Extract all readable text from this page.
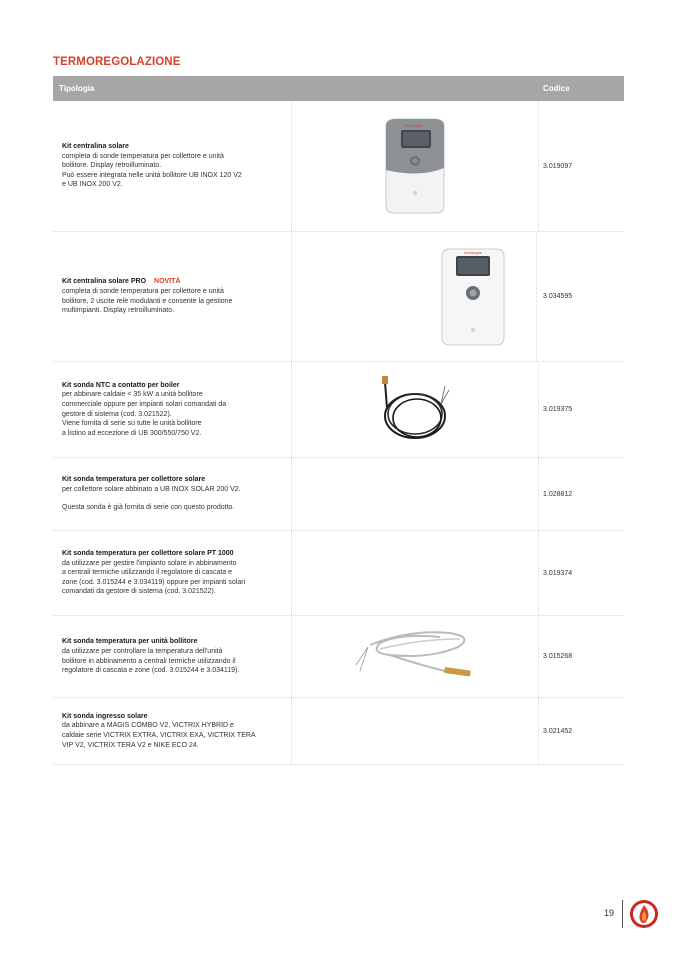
TERMOREGOLAZIONE
Tipologia	Codice
Kit centralina solare
completa di sonde temperatura per collettore e unità
bollitore. Display retroilluminato.
Può essere integrata nelle unità bollitore UB INOX 120 V2
e UB INOX 200 V2.
immergas
3.019097
Kit centralina solare PRO NOVITÀ
completa di sonde temperatura per collettore e unità
bollitore, 2 uscite relè modulanti e consente la gestione
multimpianti. Display retroilluminato.
immergas
3.034595
Kit sonda NTC a contatto per boiler
per abbinare caldaie < 35 kW a unità bollitore
commerciale oppure per impianti solari comandati da
gestore di sistema (cod. 3.021522).
Viene fornita di serie su tutte le unità bollitore
a listino ad eccezione di UB 300/550/750 V2.
3.019375
Kit sonda temperatura per collettore solare
per collettore solare abbinato a UB INOX SOLAR 200 V2.
Questa sonda è già fornita di serie con questo prodotto.
1.028812
Kit sonda temperatura per collettore solare PT 1000
da utilizzare per gestire l'impianto solare in abbinamento
a centrali termiche utilizzando il regolatore di cascata e
zone (cod. 3.015244 e 3.034119) oppure per impianti solari
comandati da gestore di sistema (cod. 3.021522).
3.019374
Kit sonda temperatura per unità bollitore
da utilizzare per controllare la temperatura dell'unità
bollitore in abbinamento a centrali termiche utilizzando il
regolatore di cascata e zone (cod. 3.015244 e 3.034119).
3.015268
Kit sonda ingresso solare
da abbinare a MAGIS COMBO V2, VICTRIX HYBRID e
caldaie serie VICTRIX EXTRA, VICTRIX EXA, VICTRIX TERA
VIP V2, VICTRIX TERA V2 e NIKE ECO 24.
3.021452
19
